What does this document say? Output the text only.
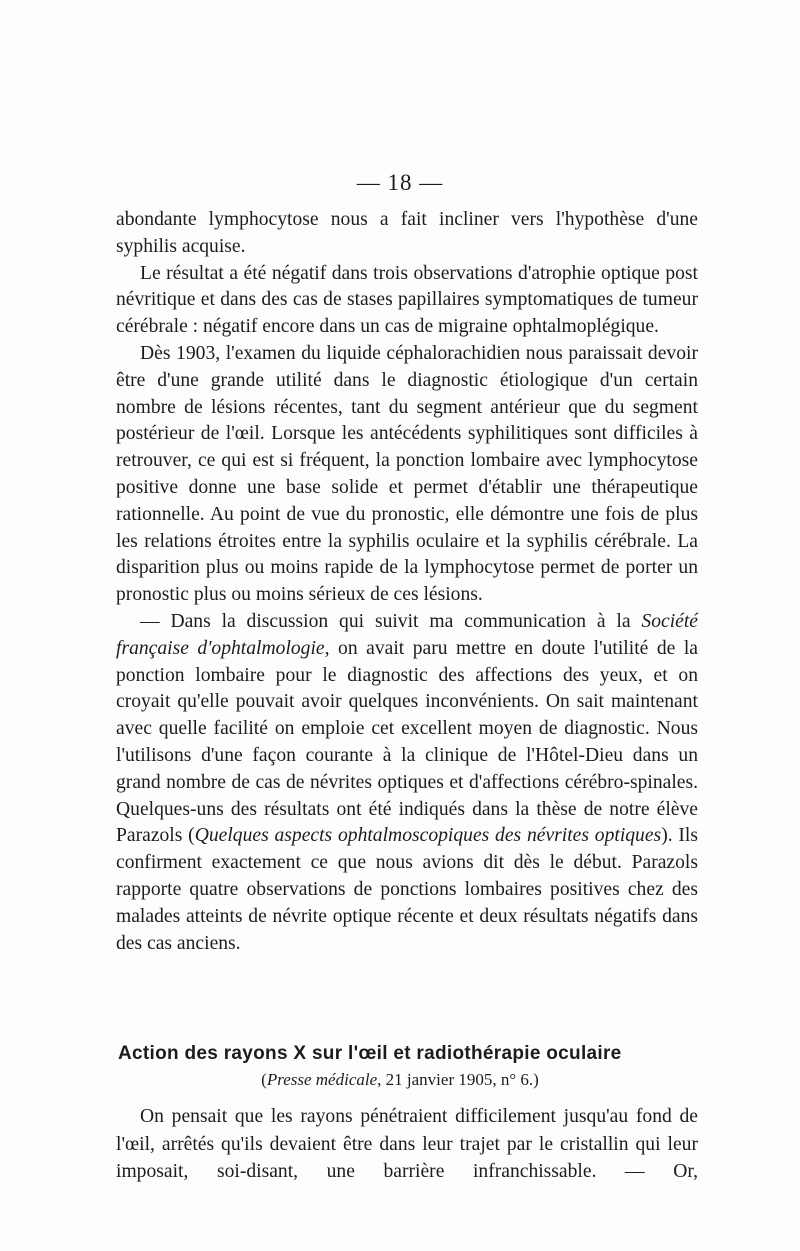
— 18 —

abondante lymphocytose nous a fait incliner vers l'hypothèse d'une syphilis acquise.

Le résultat a été négatif dans trois observations d'atrophie optique post névritique et dans des cas de stases papillaires symptomatiques de tumeur cérébrale : négatif encore dans un cas de migraine ophtalmoplégique.

Dès 1903, l'examen du liquide céphalorachidien nous paraissait devoir être d'une grande utilité dans le diagnostic étiologique d'un certain nombre de lésions récentes, tant du segment antérieur que du segment postérieur de l'œil. Lorsque les antécédents syphilitiques sont difficiles à retrouver, ce qui est si fréquent, la ponction lombaire avec lymphocytose positive donne une base solide et permet d'établir une thérapeutique rationnelle. Au point de vue du pronostic, elle démontre une fois de plus les relations étroites entre la syphilis oculaire et la syphilis cérébrale. La disparition plus ou moins rapide de la lymphocytose permet de porter un pronostic plus ou moins sérieux de ces lésions.

— Dans la discussion qui suivit ma communication à la Société française d'ophtalmologie, on avait paru mettre en doute l'utilité de la ponction lombaire pour le diagnostic des affections des yeux, et on croyait qu'elle pouvait avoir quelques inconvénients. On sait maintenant avec quelle facilité on emploie cet excellent moyen de diagnostic. Nous l'utilisons d'une façon courante à la clinique de l'Hôtel-Dieu dans un grand nombre de cas de névrites optiques et d'affections cérébro-spinales. Quelques-uns des résultats ont été indiqués dans la thèse de notre élève Parazols (Quelques aspects ophtalmoscopiques des névrites optiques). Ils confirment exactement ce que nous avions dit dès le début. Parazols rapporte quatre observations de ponctions lombaires positives chez des malades atteints de névrite optique récente et deux résultats négatifs dans des cas anciens.

Action des rayons X sur l'œil et radiothérapie oculaire
(Presse médicale, 21 janvier 1905, n° 6.)

On pensait que les rayons pénétraient difficilement jusqu'au fond de l'œil, arrêtés qu'ils devaient être dans leur trajet par le cristallin qui leur imposait, soi-disant, une barrière infranchissable. — Or,
